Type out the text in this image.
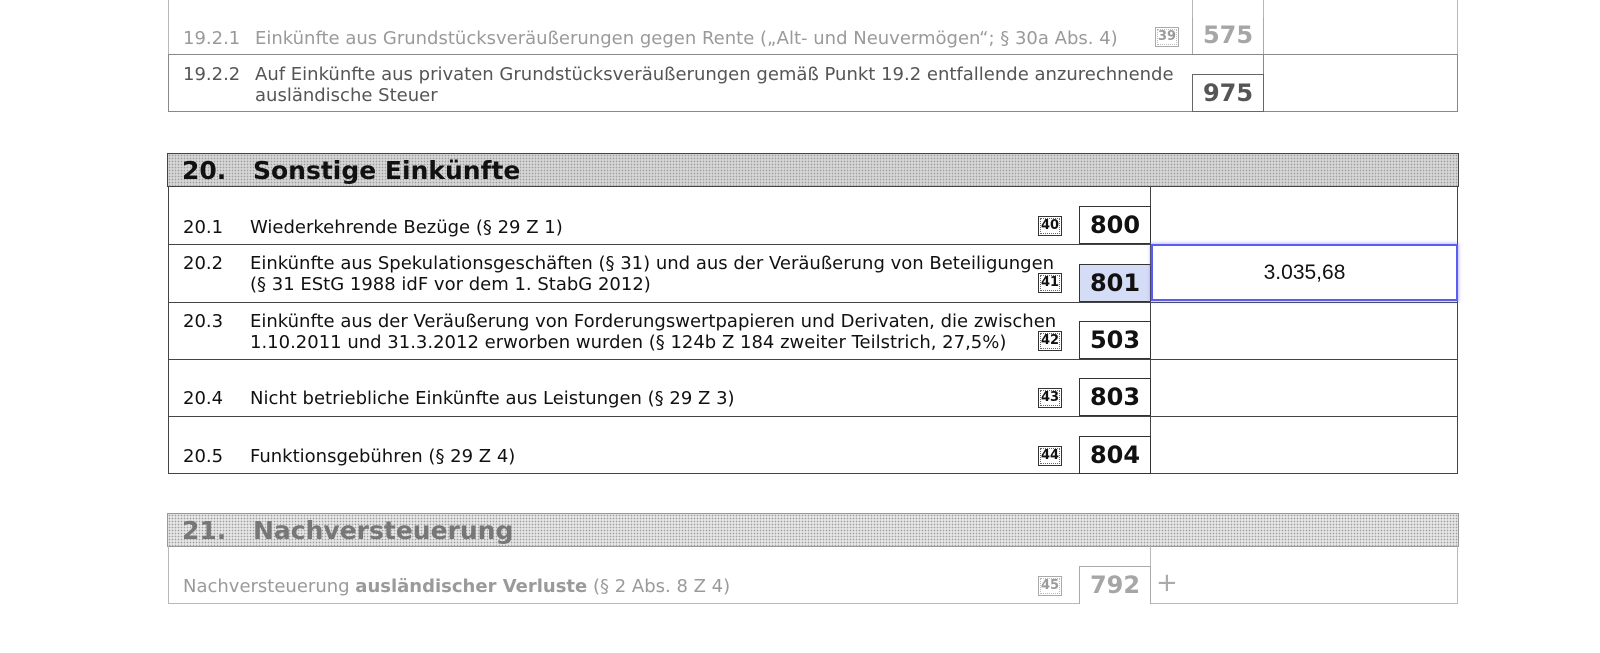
19.2.1 Einkünfte aus Grundstücksveräußerungen gegen Rente („Alt- und Neuvermögen“; § 30a Abs. 4)	39	575
19.2.2 Auf Einkünfte aus privaten Grundstücksveräußerungen gemäß Punkt 19.2 entfallende anzurechnende
ausländische Steuer	975
20. Sonstige Einkünfte
20.1 Wiederkehrende Bezüge (§ 29 Z 1)	40	800
20.2 Einkünfte aus Spekulationsgeschäften (§ 31) und aus der Veräußerung von Beteiligungen
(§ 31 EStG 1988 idF vor dem 1. StabG 2012)	41	801	3.035,68
20.3 Einkünfte aus der Veräußerung von Forderungswertpapieren und Derivaten, die zwischen
1.10.2011 und 31.3.2012 erworben wurden (§ 124b Z 184 zweiter Teilstrich, 27,5%)	42	503
20.4 Nicht betriebliche Einkünfte aus Leistungen (§ 29 Z 3)	43	803
20.5 Funktionsgebühren (§ 29 Z 4)	44	804
21. Nachversteuerung
Nachversteuerung ausländischer Verluste (§ 2 Abs. 8 Z 4)	45	792 +
